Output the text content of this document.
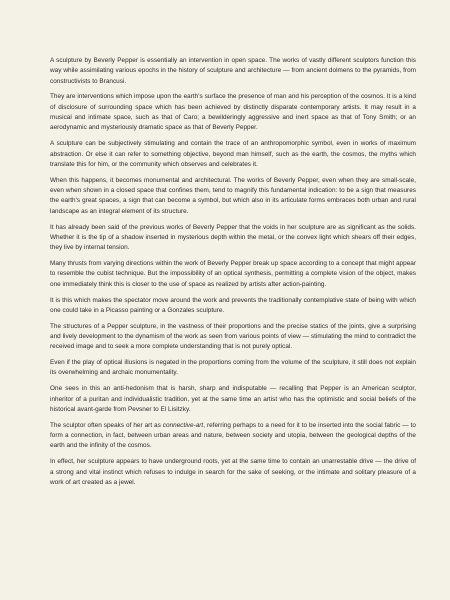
A sculpture by Beverly Pepper is essentially an intervention in open space. The works of vastly different sculptors function this way while assimilating various epochs in the history of sculpture and architecture — from ancient dolmens to the pyramids, from constructivists to Brancusi.

They are interventions which impose upon the earth's surface the presence of man and his perception of the cosmos. It is a kind of disclosure of surrounding space which has been achieved by distinctly disparate contemporary artists. It may result in a musical and intimate space, such as that of Caro; a bewilderingly aggressive and inert space as that of Tony Smith; or an aerodynamic and mysteriously dramatic space as that of Beverly Pepper.

A sculpture can be subjectively stimulating and contain the trace of an anthropomorphic symbol, even in works of maximum abstraction. Or else it can refer to something objective, beyond man himself, such as the earth, the cosmos, the myths which translate this for him, or the community which observes and celebrates it.

When this happens, it becomes monumental and architectural. The works of Beverly Pepper, even when they are small-scale, even when shown in a closed space that confines them, tend to magnify this fundamental indication: to be a sign that measures the earth's great spaces, a sign that can become a symbol, but which also in its articulate forms embraces both urban and rural landscape as an integral element of its structure.

It has already been said of the previous works of Beverly Pepper that the voids in her sculpture are as significant as the solids. Whether it is the tip of a shadow inserted in mysterious depth within the metal, or the convex light which shears off their edges, they live by internal tension.

Many thrusts from varying directions within the work of Beverly Pepper break up space according to a concept that might appear to resemble the cubist technique. But the impossibility of an optical synthesis, permitting a complete vision of the object, makes one immediately think this is closer to the use of space as realized by artists after action-painting.

It is this which makes the spectator move around the work and prevents the traditionally contemplative state of being with which one could take in a Picasso painting or a Gonzales sculpture.

The structures of a Pepper sculpture, in the vastness of their proportions and the precise statics of the joints, give a surprising and lively development to the dynamism of the work as seen from various points of view — stimulating the mind to contradict the received image and to seek a more complete understanding that is not purely optical.

Even if the play of optical illusions is negated in the proportions coming from the volume of the sculpture, it still does not explain its overwhelming and archaic monumentality.

One sees in this an anti-hedonism that is harsh, sharp and indisputable — recalling that Pepper is an American sculptor, inheritor of a puritan and individualistic tradition, yet at the same time an artist who has the optimistic and social beliefs of the historical avant-garde from Pevsner to El Lisitzky.

The sculptor often speaks of her art as connective-art, referring perhaps to a need for it to be inserted into the social fabric — to form a connection, in fact, between urban areas and nature, between society and utopia, between the geological depths of the earth and the infinity of the cosmos.

In effect, her sculpture appears to have underground roots, yet at the same time to contain an unarrestable drive — the drive of a strong and vital instinct which refuses to indulge in search for the sake of seeking, or the intimate and solitary pleasure of a work of art created as a jewel.
